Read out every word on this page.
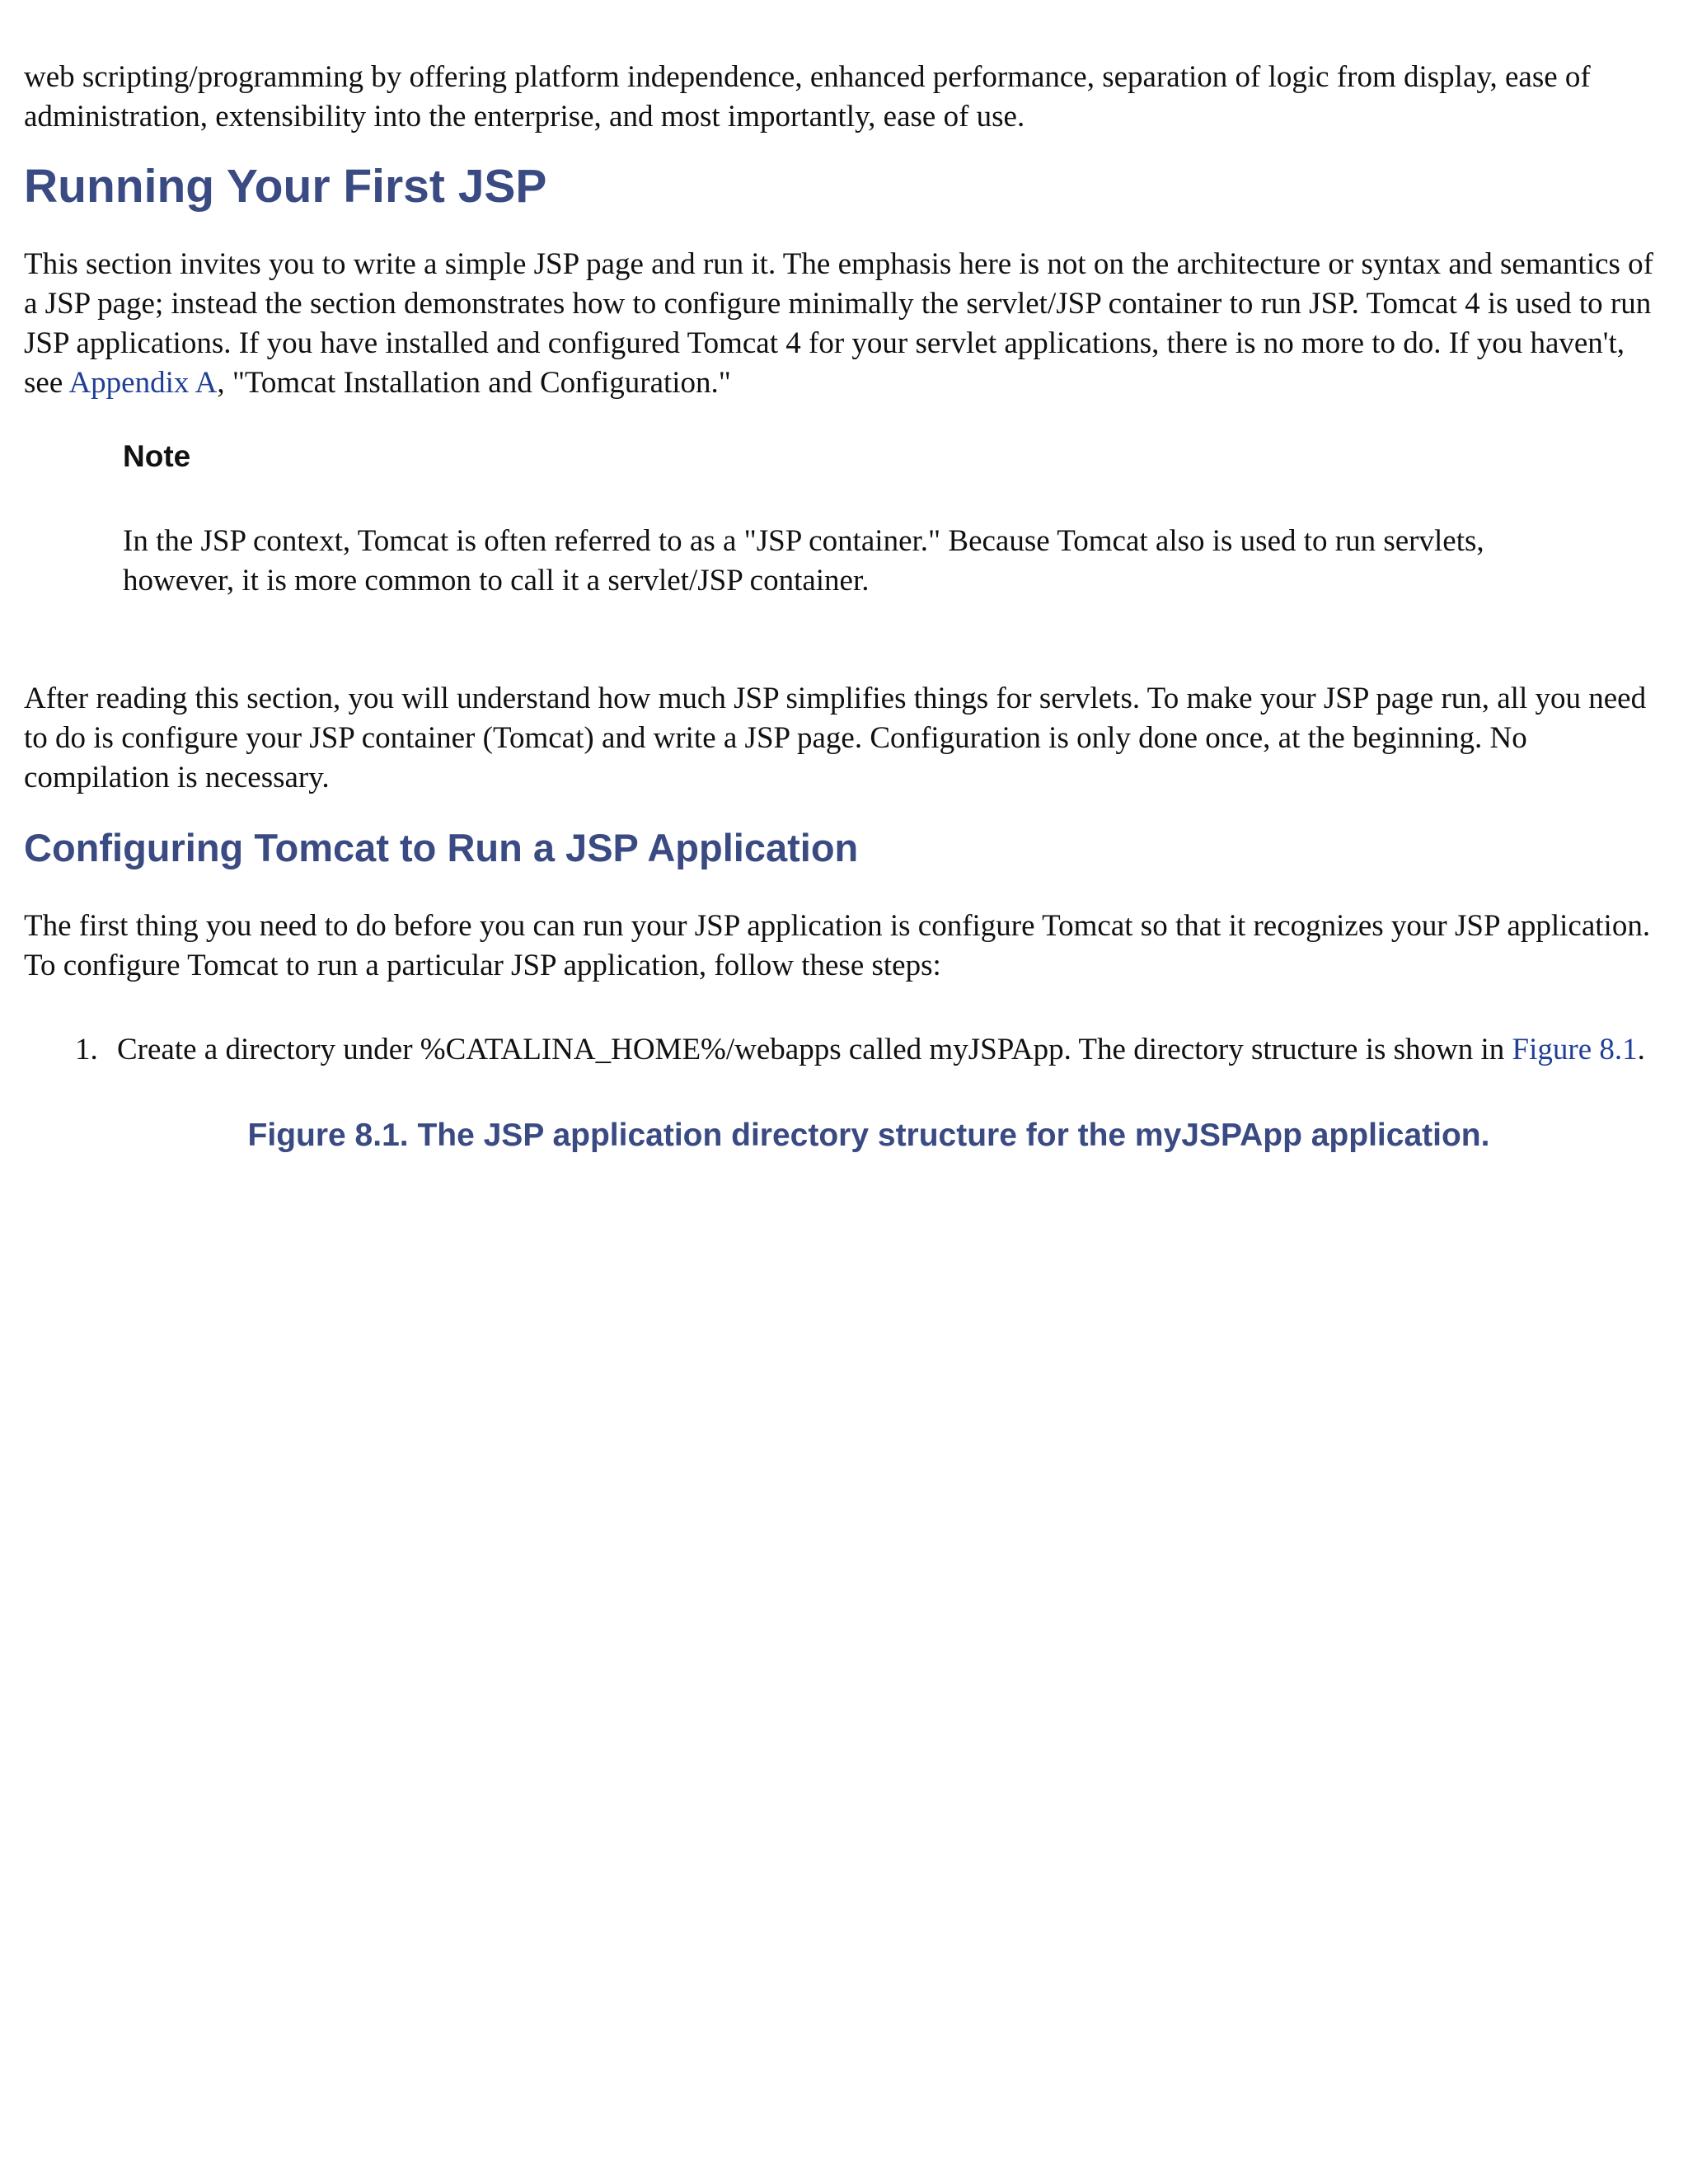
web scripting/programming by offering platform independence, enhanced performance, separation of logic from display, ease of administration, extensibility into the enterprise, and most importantly, ease of use.

Running Your First JSP

This section invites you to write a simple JSP page and run it. The emphasis here is not on the architecture or syntax and semantics of a JSP page; instead the section demonstrates how to configure minimally the servlet/JSP container to run JSP. Tomcat 4 is used to run JSP applications. If you have installed and configured Tomcat 4 for your servlet applications, there is no more to do. If you haven't, see Appendix A, "Tomcat Installation and Configuration."

Note

In the JSP context, Tomcat is often referred to as a "JSP container." Because Tomcat also is used to run servlets, however, it is more common to call it a servlet/JSP container.

After reading this section, you will understand how much JSP simplifies things for servlets. To make your JSP page run, all you need to do is configure your JSP container (Tomcat) and write a JSP page. Configuration is only done once, at the beginning. No compilation is necessary.

Configuring Tomcat to Run a JSP Application

The first thing you need to do before you can run your JSP application is configure Tomcat so that it recognizes your JSP application. To configure Tomcat to run a particular JSP application, follow these steps:

1. Create a directory under %CATALINA_HOME%/webapps called myJSPApp. The directory structure is shown in Figure 8.1.

Figure 8.1. The JSP application directory structure for the myJSPApp application.
